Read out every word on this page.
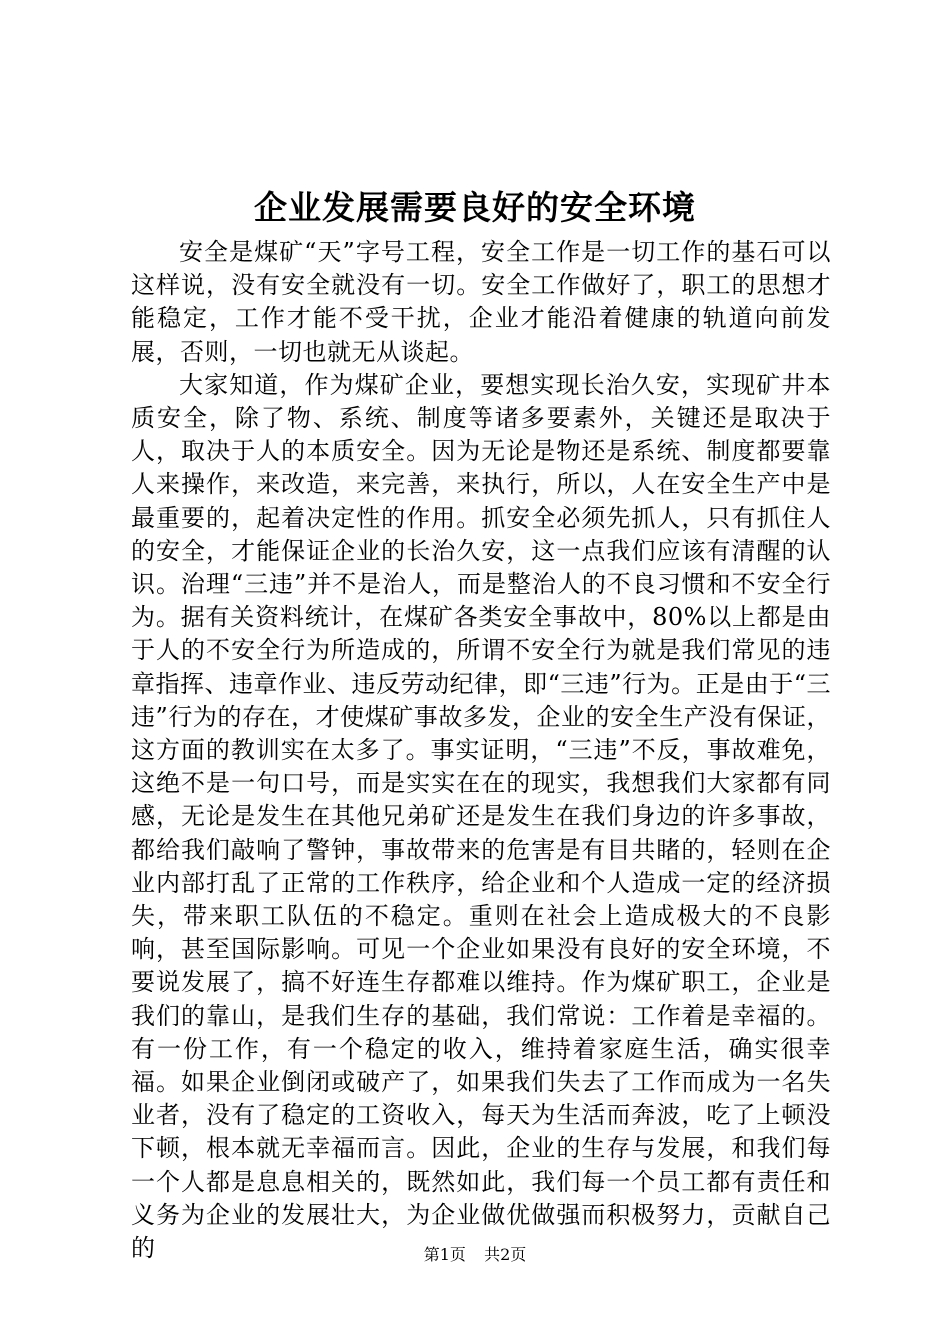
企业发展需要良好的安全环境

安全是煤矿“天”字号工程，安全工作是一切工作的基石可以这样说，没有安全就没有一切。安全工作做好了，职工的思想才能稳定，工作才能不受干扰，企业才能沿着健康的轨道向前发展，否则，一切也就无从谈起。

大家知道，作为煤矿企业，要想实现长治久安，实现矿井本质安全，除了物、系统、制度等诸多要素外，关键还是取决于人，取决于人的本质安全。因为无论是物还是系统、制度都要靠人来操作，来改造，来完善，来执行，所以，人在安全生产中是最重要的，起着决定性的作用。抓安全必须先抓人，只有抓住人的安全，才能保证企业的长治久安，这一点我们应该有清醒的认识。治理“三违”并不是治人，而是整治人的不良习惯和不安全行为。据有关资料统计，在煤矿各类安全事故中，80%以上都是由于人的不安全行为所造成的，所谓不安全行为就是我们常见的违章指挥、违章作业、违反劳动纪律，即“三违”行为。正是由于“三违”行为的存在，才使煤矿事故多发，企业的安全生产没有保证，这方面的教训实在太多了。事实证明，“三违”不反，事故难免，这绝不是一句口号，而是实实在在的现实，我想我们大家都有同感，无论是发生在其他兄弟矿还是发生在我们身边的许多事故，都给我们敲响了警钟，事故带来的危害是有目共睹的，轻则在企业内部打乱了正常的工作秩序，给企业和个人造成一定的经济损失，带来职工队伍的不稳定。重则在社会上造成极大的不良影响，甚至国际影响。可见一个企业如果没有良好的安全环境，不要说发展了，搞不好连生存都难以维持。作为煤矿职工，企业是我们的靠山，是我们生存的基础，我们常说：工作着是幸福的。有一份工作，有一个稳定的收入，维持着家庭生活，确实很幸福。如果企业倒闭或破产了，如果我们失去了工作而成为一名失业者，没有了稳定的工资收入，每天为生活而奔波，吃了上顿没下顿，根本就无幸福而言。因此，企业的生存与发展，和我们每一个人都是息息相关的，既然如此，我们每一个员工都有责任和义务为企业的发展壮大，为企业做优做强而积极努力，贡献自己的	第1页 共2页
